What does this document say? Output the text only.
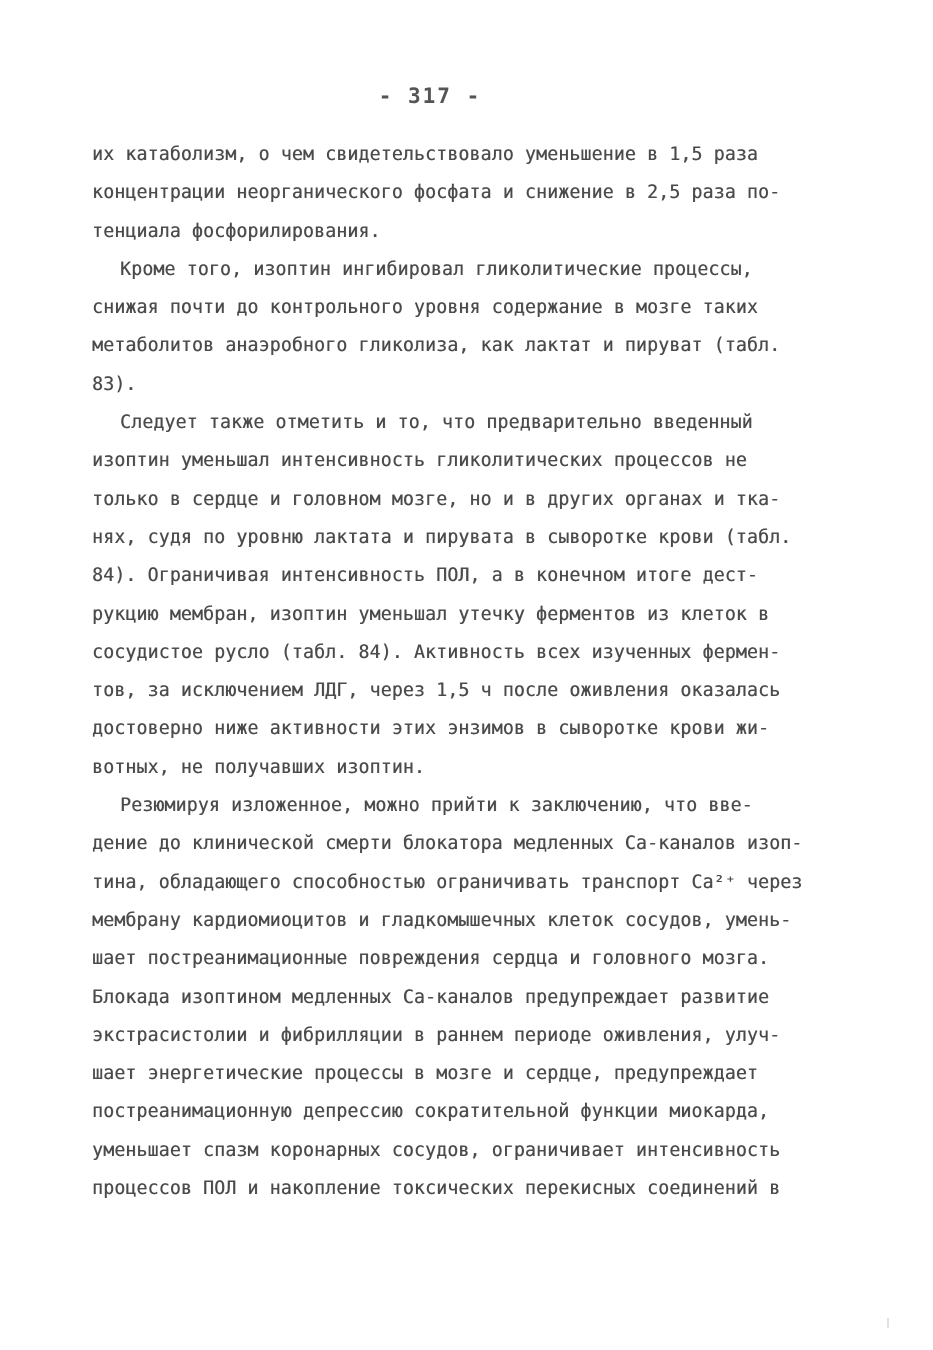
- 317 -
их катаболизм, о чем свидетельствовало уменьшение в 1,5 раза
концентрации неорганического фосфата и снижение в 2,5 раза по-
тенциала фосфорилирования.
Кроме того, изоптин ингибировал гликолитические процессы,
снижая почти до контрольного уровня содержание в мозге таких
метаболитов анаэробного гликолиза, как лактат и пируват (табл.
83).
Следует также отметить и то, что предварительно введенный
изоптин уменьшал интенсивность гликолитических процессов не
только в сердце и головном мозге, но и в других органах и тка-
нях, судя по уровню лактата и пирувата в сыворотке крови (табл.
84). Ограничивая интенсивность ПОЛ, а в конечном итоге дест-
рукцию мембран, изоптин уменьшал утечку ферментов из клеток в
сосудистое русло (табл. 84). Активность всех изученных фермен-
тов, за исключением ЛДГ, через 1,5 ч после оживления оказалась
достоверно ниже активности этих энзимов в сыворотке крови жи-
вотных, не получавших изоптин.
Резюмируя изложенное, можно прийти к заключению, что вве-
дение до клинической смерти блокатора медленных Са-каналов изоп-
тина, обладающего способностью ограничивать транспорт Са²⁺ через
мембрану кардиомиоцитов и гладкомышечных клеток сосудов, умень-
шает постреанимационные повреждения сердца и головного мозга.
Блокада изоптином медленных Са-каналов предупреждает развитие
экстрасистолии и фибрилляции в раннем периоде оживления, улуч-
шает энергетические процессы в мозге и сердце, предупреждает
постреанимационную депрессию сократительной функции миокарда,
уменьшает спазм коронарных сосудов, ограничивает интенсивность
процессов ПОЛ и накопление токсических перекисных соединений в
